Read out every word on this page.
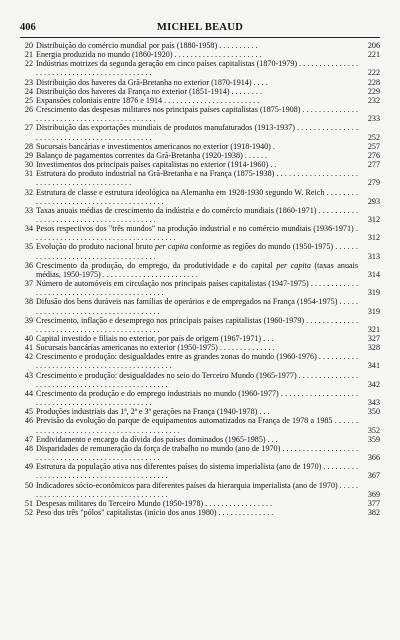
406	MICHEL BEAUD
20 Distribuição do comércio mundial por país (1880-1958) . . . . . . . . . .	206
21 Energia produzida no mundo (1860-1920) . . . . . . . . . . . . . . . . . . . . . .	221
22 Indústrias motrizes da segunda geração em cinco países capitalistas (1870-1979) . . . . . . . . . . . . . . . . . . . . . . . . . . . . . . . . . . . . . . . . . . . .	222
23 Distribuição dos haveres da Grã-Bretanha no exterior (1870-1914) . . . .	228
24 Distribuição dos haveres da França no exterior (1851-1914) . . . . . . . .	229
25 Expansões coloniais entre 1876 e 1914 . . . . . . . . . . . . . . . . . . . . . . . .	232
26 Crescimento das despesas militares nos principais países capitalistas (1875-1908) . . . . . . . . . . . . . . . . . . . . . . . . . . . . . . . . . . . . . . . . . . . .	233
27 Distribuição das exportações mundiais de produtos manufaturados (1913-1937) . . . . . . . . . . . . . . . . . . . . . . . . . . . . . . . . . . . . . . . . . . . .	252
28 Sucursais bancárias e investimentos americanos no exterior (1918-1940) .	257
29 Balanço de pagamentos correntes da Grã-Bretanha (1920-1938) . . . . . .	276
30 Investimentos dos principais países capitalistas no exterior (1914-1960) . .	277
31 Estrutura do produto industrial na Grã-Bretanha e na França (1875-1938) . . . . . . . . . . . . . . . . . . . . . . . . . . . . . . . . . . . . . . . . . . . .	279
32 Estrutura de classe e estrutura ideológica na Alemanha em 1928-1930 segundo W. Reich . . . . . . . . . . . . . . . . . . . . . . . . . . . . . . . . . . . . . . . .	293
33 Taxas anuais médias de crescimento da indústria e do comércio mundiais (1860-1971) . . . . . . . . . . . . . . . . . . . . . . . . . . . . . . . . . . . . . . . .	312
34 Pesos respectivos dos "três mundos" na produção industrial e no comércio mundiais (1936-1971) . . . . . . . . . . . . . . . . . . . . . . . . . . . . . . . . . . . .	312
35 Evolução do produto nacional bruto per capita conforme as regiões do mundo (1950-1975) . . . . . . . . . . . . . . . . . . . . . . . . . . . . . . . . . . . .	313
36 Crescimento da produção, do emprego, da produtividade e do capital per capita (taxas anuais médias, 1950-1975) . . . . . . . . . . . . . . . . . . . . . . . .	314
37 Número de automóveis em circulação nos principais países capitalistas (1947-1975) . . . . . . . . . . . . . . . . . . . . . . . . . . . . . . . . . . . . . . . . . . . .	319
38 Difusão dos bens duráveis nas famílias de operários e de empregados na França (1954-1975) . . . . . . . . . . . . . . . . . . . . . . . . . . . . . . . . . . . .	319
39 Crescimento, inflação e desemprego nos principais países capitalistas (1960-1979) . . . . . . . . . . . . . . . . . . . . . . . . . . . . . . . . . . . . . . . . . . . .	321
40 Capital investido e filiais no exterior, por país de origem (1967-1971) . . .	327
41 Sucursais bancárias americanas no exterior (1950-1975) . . . . . . . . . . . . . .	328
42 Crescimento e produção: desigualdades entre as grandes zonas do mundo (1960-1976) . . . . . . . . . . . . . . . . . . . . . . . . . . . . . . . . . . . . . . . . . . . .	341
43 Crescimento e produção: desigualdades no seio do Terceiro Mundo (1965-1977) . . . . . . . . . . . . . . . . . . . . . . . . . . . . . . . . . . . . . . . . . . . . . . . .	342
44 Crescimento da produção e do emprego industriais no mundo (1960-1977) . . . . . . . . . . . . . . . . . . . . . . . . . . . . . . . . . . . . . . . . . . . . . . . .	343
45 Produções industriais das 1ª, 2ª e 3ª gerações na França (1940-1978) . . .	350
46 Previsão da evolução do parque de equipamentos automatizados na França de 1978 a 1985 . . . . . . . . . . . . . . . . . . . . . . . . . . . . . . . . . . . . . . . . . .	352
47 Endividamento e encargo da dívida dos países dominados (1965-1985) . . .	359
48 Disparidades de remuneração da força de trabalho no mundo (ano de 1970) . . . . . . . . . . . . . . . . . . . . . . . . . . . . . . . . . . . . . . . . . . . . . . . . . .	366
49 Estrutura da população ativa nos diferentes países do sistema imperialista (ano de 1970) . . . . . . . . . . . . . . . . . . . . . . . . . . . . . . . . . . . . . . . . . .	367
50 Indicadores sócio-econômicos para diferentes países da hierarquia imperialista (ano de 1970) . . . . . . . . . . . . . . . . . . . . . . . . . . . . . . . . . . . . . .	369
51 Despesas militares do Terceiro Mundo (1950-1978) . . . . . . . . . . . . . . . . .	377
52 Peso dos três "pólos" capitalistas (início dos anos 1980) . . . . . . . . . . . . . .	382
